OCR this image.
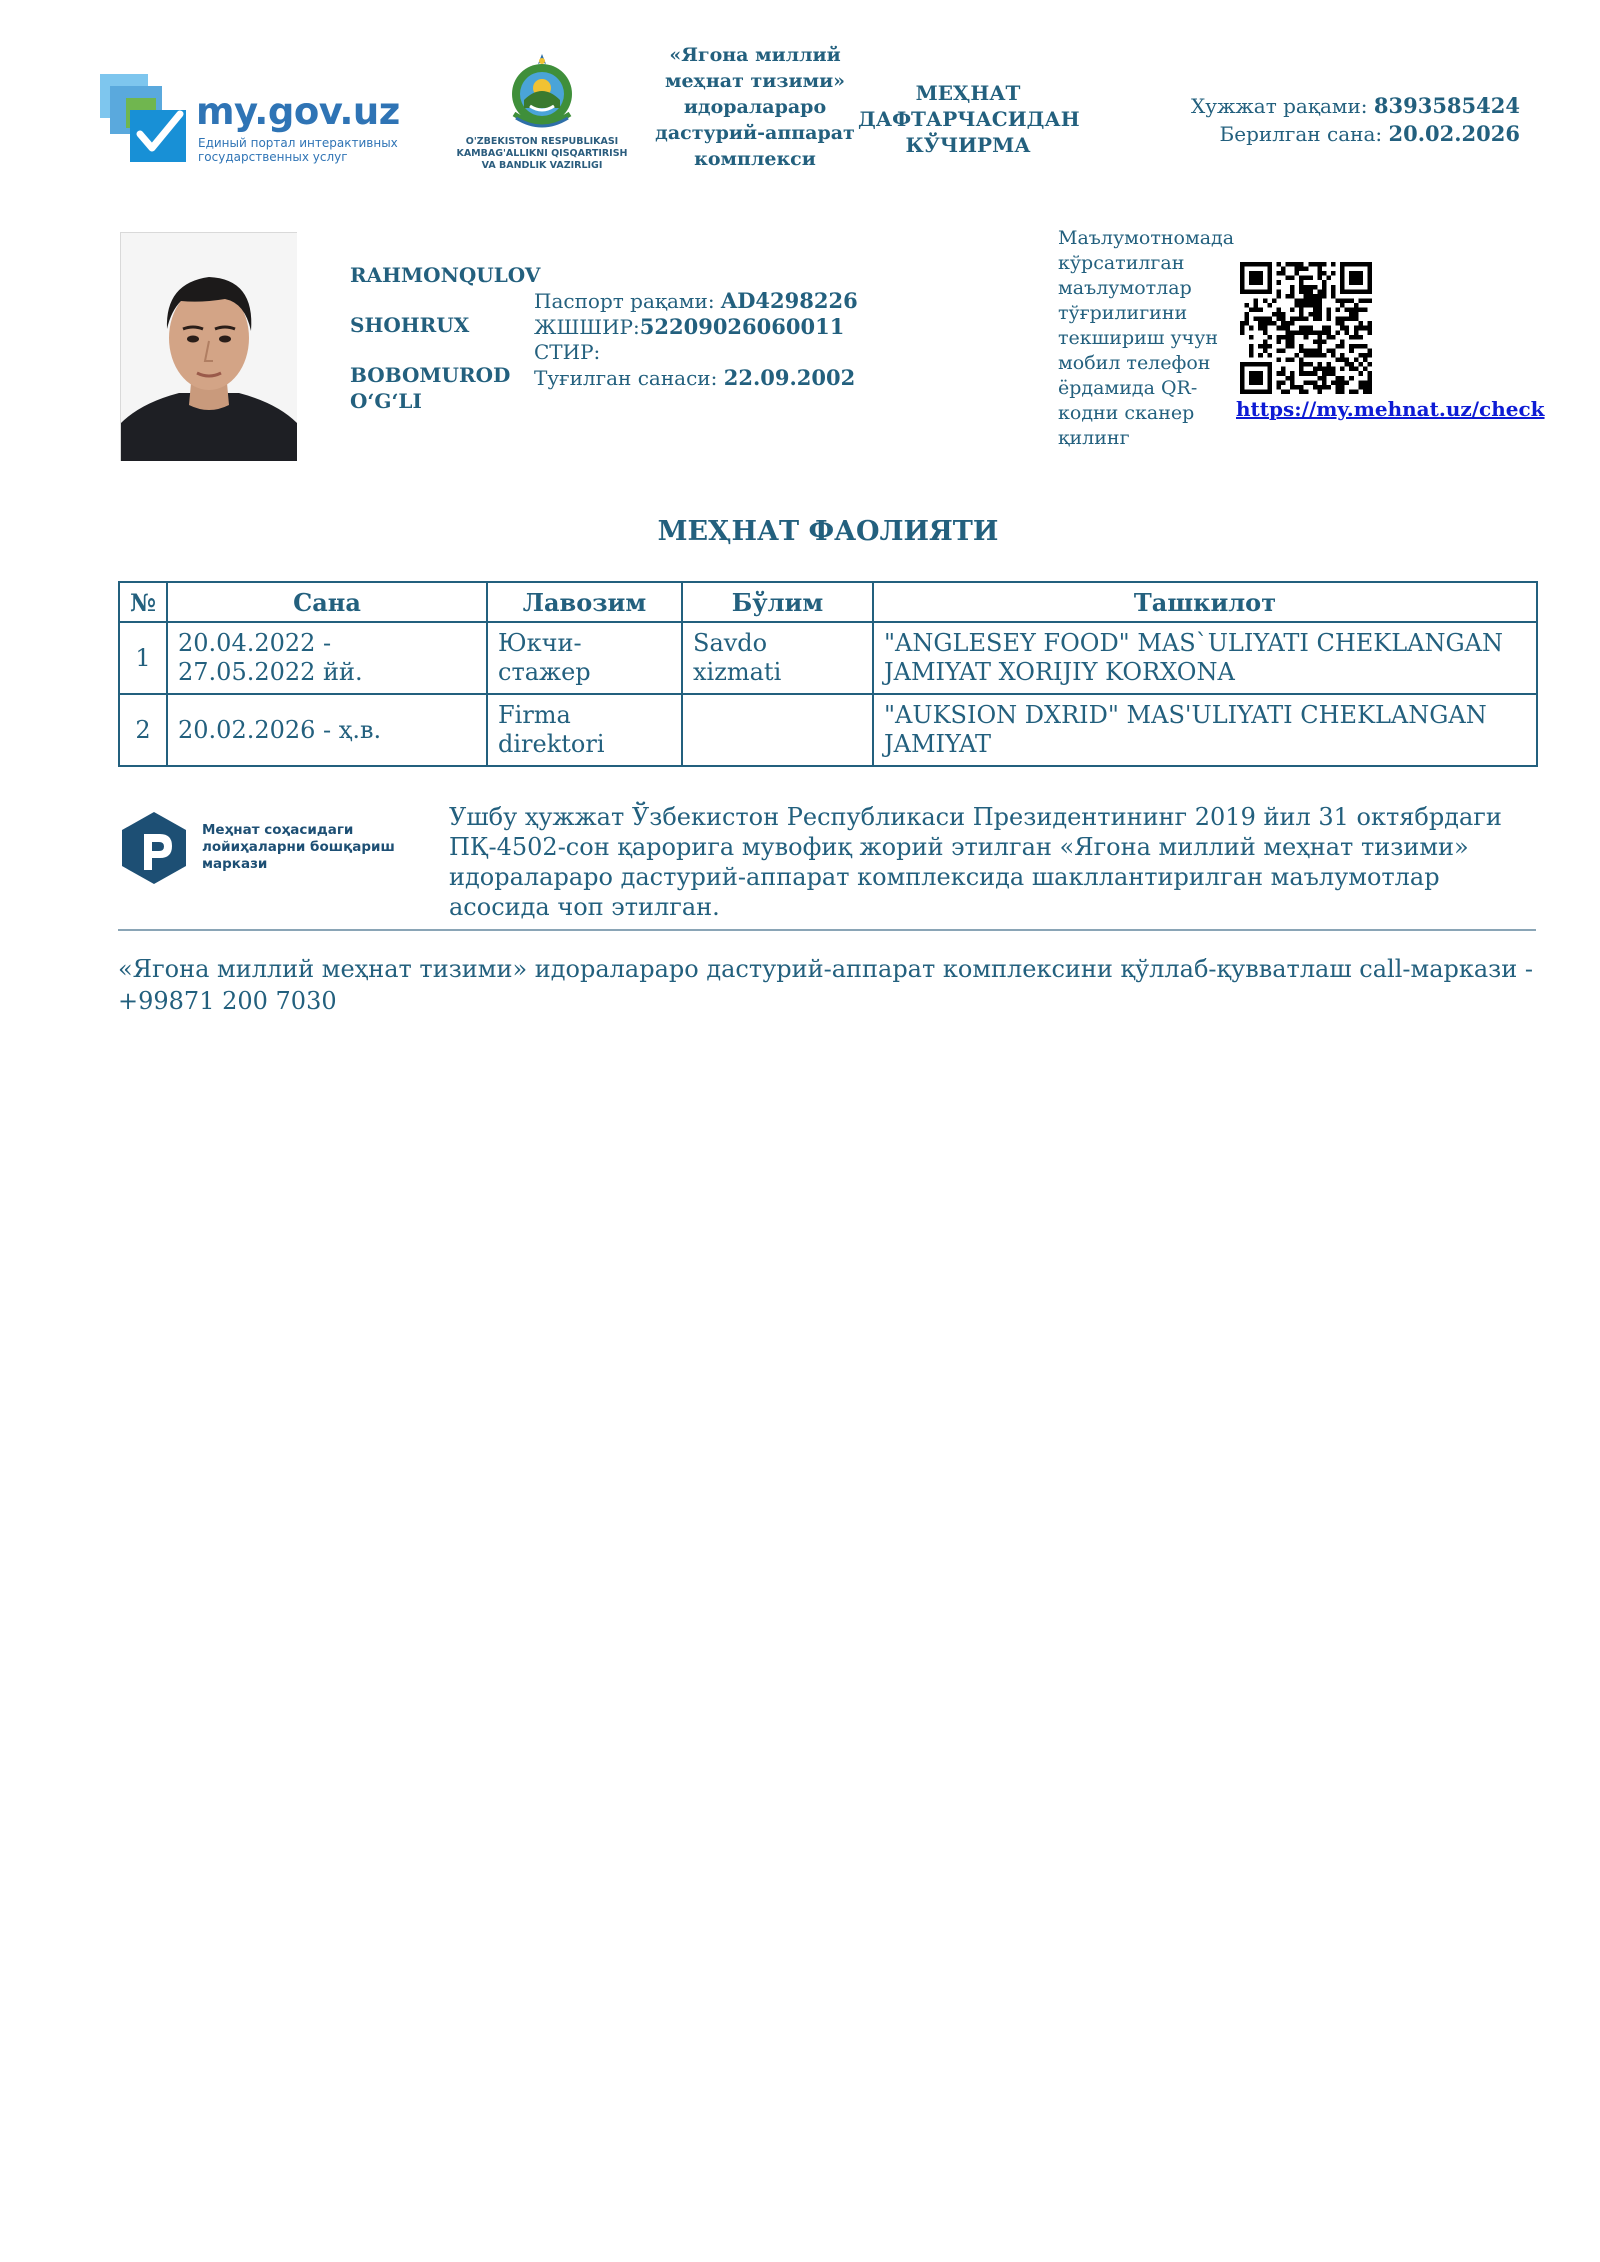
my.gov.uz
Единый портал интерактивных государственных услуг
O'ZBEKISTON RESPUBLIKASI
KAMBAG'ALLIKNI QISQARTIRISH
VA BANDLIK VAZIRLIGI
«Ягона миллий меҳнат тизими» идоралараро дастурий-аппарат комплекси
МЕҲНАТ ДАФТАРЧАСИДАН КЎЧИРМА
Хужжат рақами: 8393585424
Берилган сана: 20.02.2026
RAHMONQULOV
SHOHRUX
BOBOMUROD O‘G‘LI
Паспорт рақами: AD4298226
ЖШШИР:52209026060011
СТИР:
Туғилган санаси: 22.09.2002
Маълумотномада кўрсатилган маълумотлар тўғрилигини текшириш учун мобил телефон ёрдамида QR-кодни сканер қилинг
https://my.mehnat.uz/check
МЕҲНАТ ФАОЛИЯТИ
№	Сана	Лавозим	Бўлим	Ташкилот
1	20.04.2022 - 27.05.2022 йй.	Юкчи-стажер	Savdo xizmati	"ANGLESEY FOOD" MAS`ULIYATI CHEKLANGAN JAMIYAT XORIJIY KORXONA
2	20.02.2026 - ҳ.в.	Firma direktori		"AUKSION DXRID" MAS'ULIYATI CHEKLANGAN JAMIYAT
Меҳнат соҳасидаги
лойиҳаларни бошқариш
маркази
Ушбу ҳужжат Ўзбекистон Республикаси Президентининг 2019 йил 31 октябрдаги ПҚ-4502-сон қарорига мувофиқ жорий этилган «Ягона миллий меҳнат тизими» идоралараро дастурий-аппарат комплексида шакллантирилган маълумотлар асосида чоп этилган.
«Ягона миллий меҳнат тизими» идоралараро дастурий-аппарат комплексини қўллаб-қувватлаш call-маркази - +99871 200 7030
